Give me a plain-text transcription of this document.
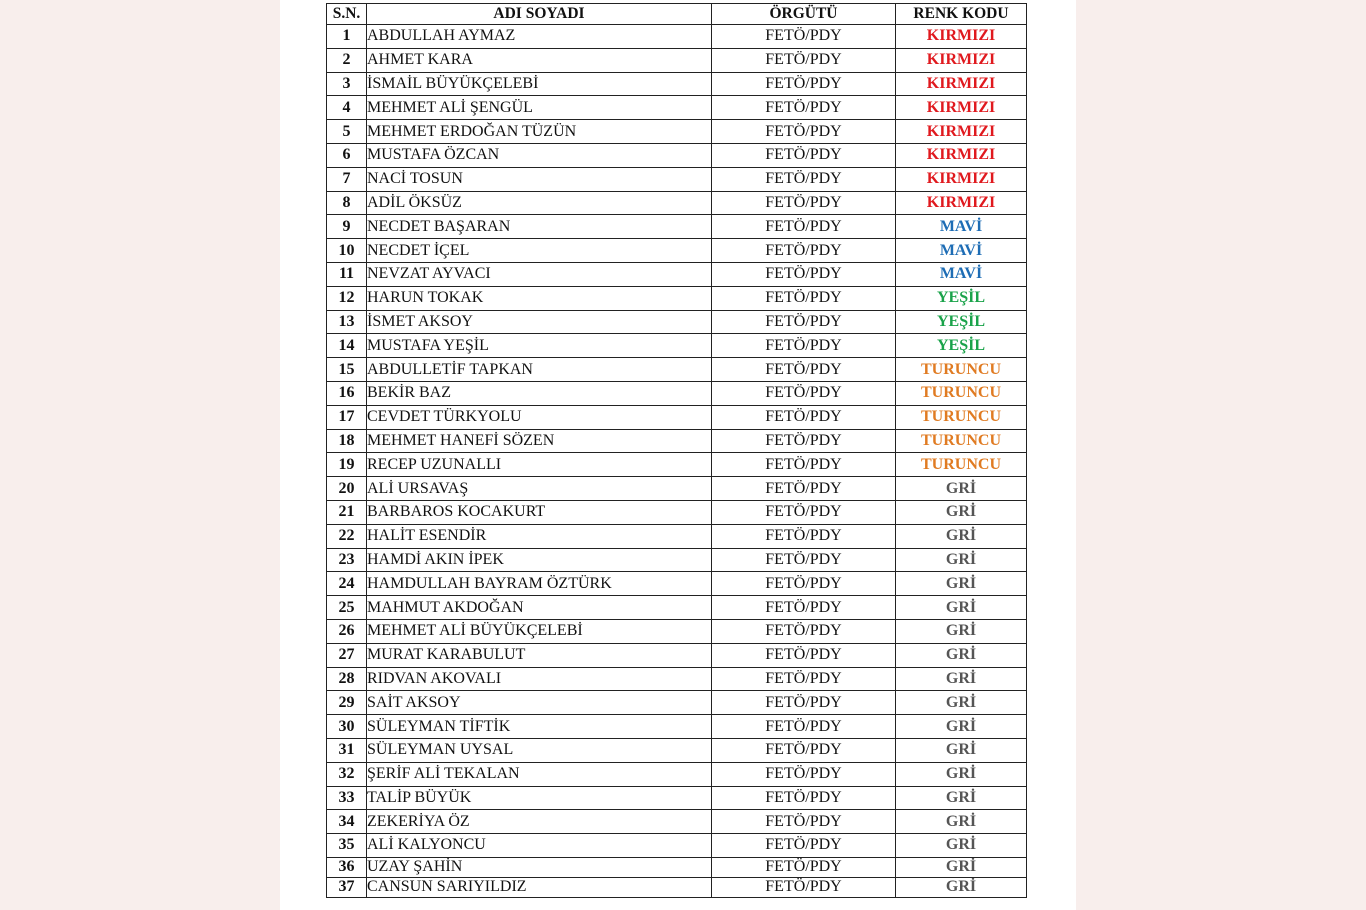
S.N.	ADI SOYADI	ÖRGÜTÜ	RENK KODU
1	ABDULLAH AYMAZ	FETÖ/PDY	KIRMIZI
2	AHMET KARA	FETÖ/PDY	KIRMIZI
3	İSMAİL BÜYÜKÇELEBİ	FETÖ/PDY	KIRMIZI
4	MEHMET ALİ ŞENGÜL	FETÖ/PDY	KIRMIZI
5	MEHMET ERDOĞAN TÜZÜN	FETÖ/PDY	KIRMIZI
6	MUSTAFA ÖZCAN	FETÖ/PDY	KIRMIZI
7	NACİ TOSUN	FETÖ/PDY	KIRMIZI
8	ADİL ÖKSÜZ	FETÖ/PDY	KIRMIZI
9	NECDET BAŞARAN	FETÖ/PDY	MAVİ
10	NECDET İÇEL	FETÖ/PDY	MAVİ
11	NEVZAT AYVACI	FETÖ/PDY	MAVİ
12	HARUN TOKAK	FETÖ/PDY	YEŞİL
13	İSMET AKSOY	FETÖ/PDY	YEŞİL
14	MUSTAFA YEŞİL	FETÖ/PDY	YEŞİL
15	ABDULLETİF TAPKAN	FETÖ/PDY	TURUNCU
16	BEKİR BAZ	FETÖ/PDY	TURUNCU
17	CEVDET TÜRKYOLU	FETÖ/PDY	TURUNCU
18	MEHMET HANEFİ SÖZEN	FETÖ/PDY	TURUNCU
19	RECEP UZUNALLI	FETÖ/PDY	TURUNCU
20	ALİ URSAVAŞ	FETÖ/PDY	GRİ
21	BARBAROS KOCAKURT	FETÖ/PDY	GRİ
22	HALİT ESENDİR	FETÖ/PDY	GRİ
23	HAMDİ AKIN İPEK	FETÖ/PDY	GRİ
24	HAMDULLAH BAYRAM ÖZTÜRK	FETÖ/PDY	GRİ
25	MAHMUT AKDOĞAN	FETÖ/PDY	GRİ
26	MEHMET ALİ BÜYÜKÇELEBİ	FETÖ/PDY	GRİ
27	MURAT KARABULUT	FETÖ/PDY	GRİ
28	RIDVAN AKOVALI	FETÖ/PDY	GRİ
29	SAİT AKSOY	FETÖ/PDY	GRİ
30	SÜLEYMAN TİFTİK	FETÖ/PDY	GRİ
31	SÜLEYMAN UYSAL	FETÖ/PDY	GRİ
32	ŞERİF ALİ TEKALAN	FETÖ/PDY	GRİ
33	TALİP BÜYÜK	FETÖ/PDY	GRİ
34	ZEKERİYA ÖZ	FETÖ/PDY	GRİ
35	ALİ KALYONCU	FETÖ/PDY	GRİ
36	UZAY ŞAHİN	FETÖ/PDY	GRİ
37	CANSUN SARIYILDIZ	FETÖ/PDY	GRİ
